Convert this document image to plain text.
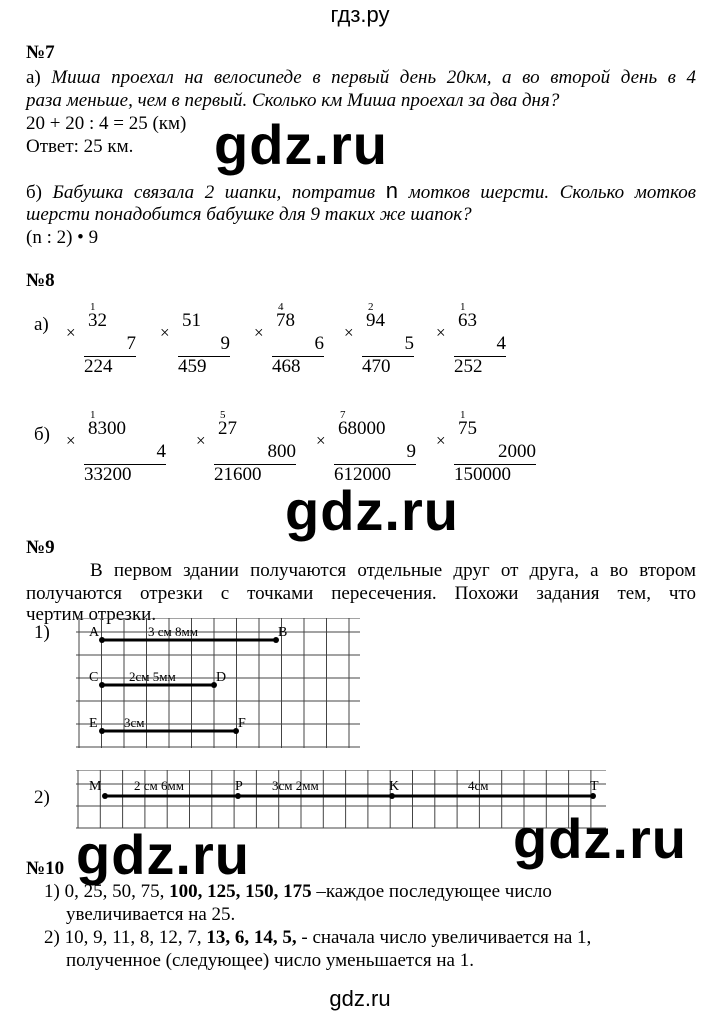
гдз.ру
№7
а) Миша проехал на велосипеде в первый день 20км, а во второй день в 4
раза меньше, чем в первый. Сколько км Миша проехал за два дня?
20 + 20 : 4 = 25 (км)
Ответ: 25 км.
б) Бабушка связала 2 шапки, потратив n мотков шерсти. Сколько мотков
шерсти понадобится бабушке для 9 таких же шапок?
(n : 2) • 9
№8
а)
б)
1
×
32
7
224
×
51
9
459
4
×
78
6
468
2
×
94
5
470
1
×
63
4
252
1
×
8300
4
33200
5
×
27
800
21600
7
×
68000
9
612000
1
×
75
2000
150000
№9
В первом здании получаются отдельные друг от друга, а во втором
получаются отрезки с точками пересечения. Похожи задания тем, что
чертим отрезки.
1)
2)
A	B
3 см 8мм
C	D
2см 5мм
E	F
3см
M	P	K	T
2 см 6мм	3см 2мм	4см
№10
1) 0, 25, 50, 75, 100, 125, 150, 175 –каждое последующее число
увеличивается на 25.
2) 10, 9, 11, 8, 12, 7, 13, 6, 14, 5, - сначала число увеличивается на 1,
полученное (следующее) число уменьшается на 1.
gdz.ru
gdz.ru
gdz.ru	gdz.ru
gdz.ru
